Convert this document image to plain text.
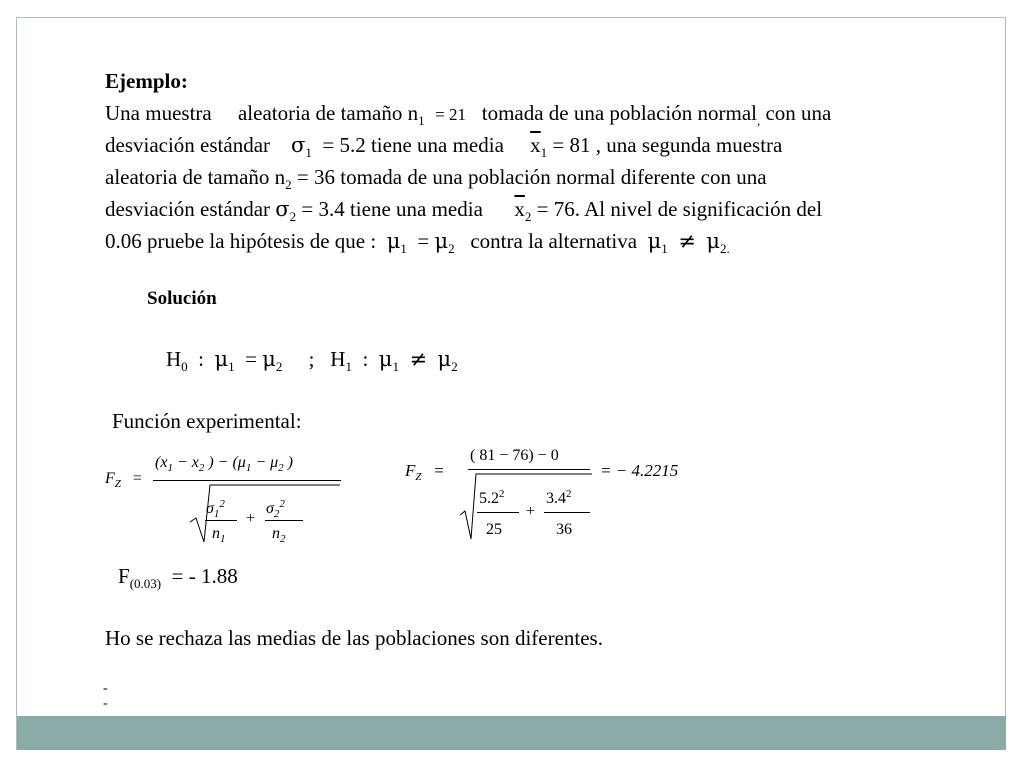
Ejemplo:
Una muestra aleatoria de tamaño $n_1 = 21$ tomada de una población normal$_,$ con una
desviación estándar $\sigma_1 = 5.2$ tiene una media $\overline{x}_1 = 81$ , una segunda muestra
aleatoria de tamaño $n_2 = 36$ tomada de una población normal diferente con una
desviación estándar $\sigma_2 = 3.4$ tiene una media $\overline{x}_2 = 76$. Al nivel de significación del
0.06 pruebe la hipótesis de que : $\mu_1 = \mu_2$ contra la alternativa $\mu_1 \ne \mu_{2.}$
Solución
$H_0$ : $\mu_1 = \mu_2$ ; $H_1$ : $\mu_1 \ne \mu_2$
Función experimental:
$F_Z$ =
($x_1 - x_2$ ) − ($\mu_1 - \mu_2$ )
$\sigma_1^2$
$n_1$
+
$\sigma_2^2$
$n_2$
$F_Z$ =
( 81 − 76) − 0
$5.2^2$
25
+
$3.4^2$
36
= − 4.2215
$F_{(0.03)}$ = - 1.88
Ho se rechaza las medias de las poblaciones son diferentes.
-
-
